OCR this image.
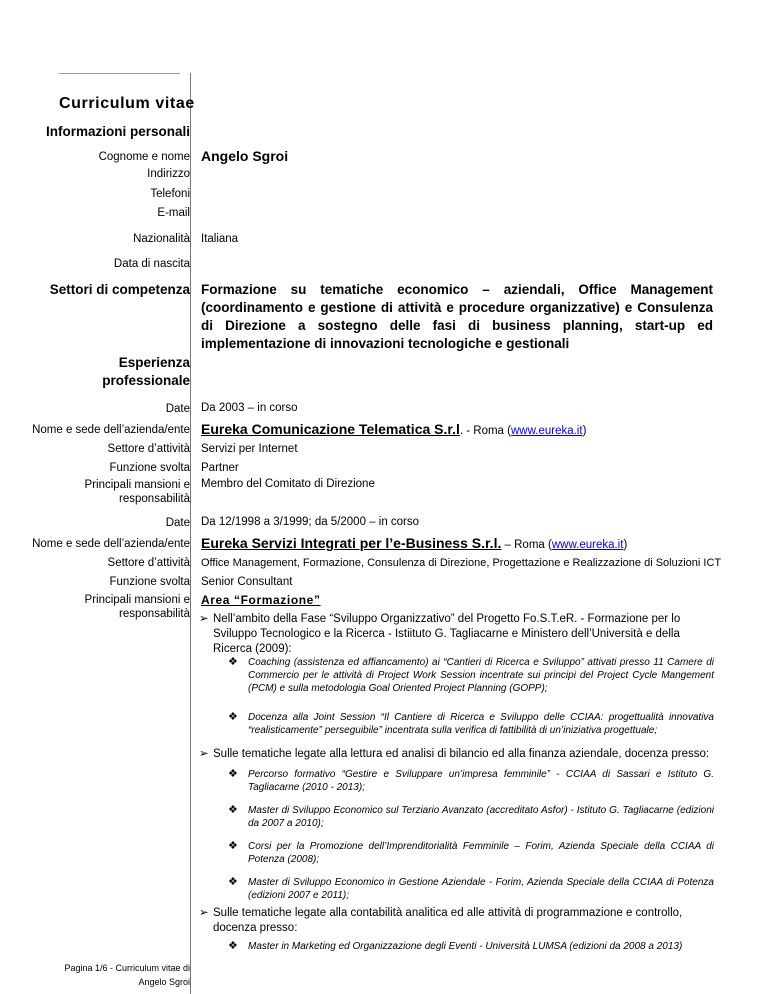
Curriculum vitae
Informazioni personali
Cognome e nome Angelo Sgroi
Indirizzo
Telefoni
E-mail
Nazionalità Italiana
Data di nascita
Settori di competenza Formazione su tematiche economico – aziendali, Office Management (coordinamento e gestione di attività e procedure organizzative) e Consulenza di Direzione a sostegno delle fasi di business planning, start-up ed implementazione di innovazioni tecnologiche e gestionali
Esperienza
professionale
Date Da 2003 – in corso
Nome e sede dell’azienda/ente Eureka Comunicazione Telematica S.r.l. - Roma (www.eureka.it)
Settore d’attività Servizi per Internet
Funzione svolta Partner
Principali mansioni e
responsabilità
Membro del Comitato di Direzione
Date Da 12/1998 a 3/1999; da 5/2000 – in corso
Nome e sede dell’azienda/ente Eureka Servizi Integrati per l’e-Business S.r.l. – Roma (www.eureka.it)
Settore d’attività Office Management, Formazione, Consulenza di Direzione, Progettazione e Realizzazione di Soluzioni ICT
Funzione svolta Senior Consultant
Principali mansioni e
responsabilità
Area “Formazione”
➢ Nell’ambito della Fase “Sviluppo Organizzativo” del Progetto Fo.S.T.eR. - Formazione per lo Sviluppo Tecnologico e la Ricerca - Istiituto G. Tagliacarne e Ministero dell’Università e della Ricerca (2009):
❖ Coaching (assistenza ed affiancamento) ai “Cantieri di Ricerca e Sviluppo” attivati presso 11 Camere di Commercio per le attività di Project Work Session incentrate sui principi del Project Cycle Mangement (PCM) e sulla metodologia Goal Oriented Project Planning (GOPP);
❖ Docenza alla Joint Session “Il Cantiere di Ricerca e Sviluppo delle CCIAA: progettualità innovativa “realisticamente” perseguibile” incentrata sulla verifica di fattibilità di un’iniziativa progettuale;
➢ Sulle tematiche legate alla lettura ed analisi di bilancio ed alla finanza aziendale, docenza presso:
❖ Percorso formativo “Gestire e Sviluppare un’impresa femminile” - CCIAA di Sassari e Istituto G. Tagliacarne (2010 - 2013);
❖ Master di Sviluppo Economico sul Terziario Avanzato (accreditato Asfor) - Istituto G. Tagliacarne (edizioni da 2007 a 2010);
❖ Corsi per la Promozione dell’Imprenditorialità Femminile – Forim, Azienda Speciale della CCIAA di Potenza (2008);
❖ Master di Sviluppo Economico in Gestione Aziendale - Forim, Azienda Speciale della CCIAA di Potenza (edizioni 2007 e 2011);
➢ Sulle tematiche legate alla contabilità analitica ed alle attività di programmazione e controllo, docenza presso:
❖ Master in Marketing ed Organizzazione degli Eventi - Università LUMSA (edizioni da 2008 a 2013)
Pagina 1/6 - Curriculum vitae di
Angelo Sgroi
